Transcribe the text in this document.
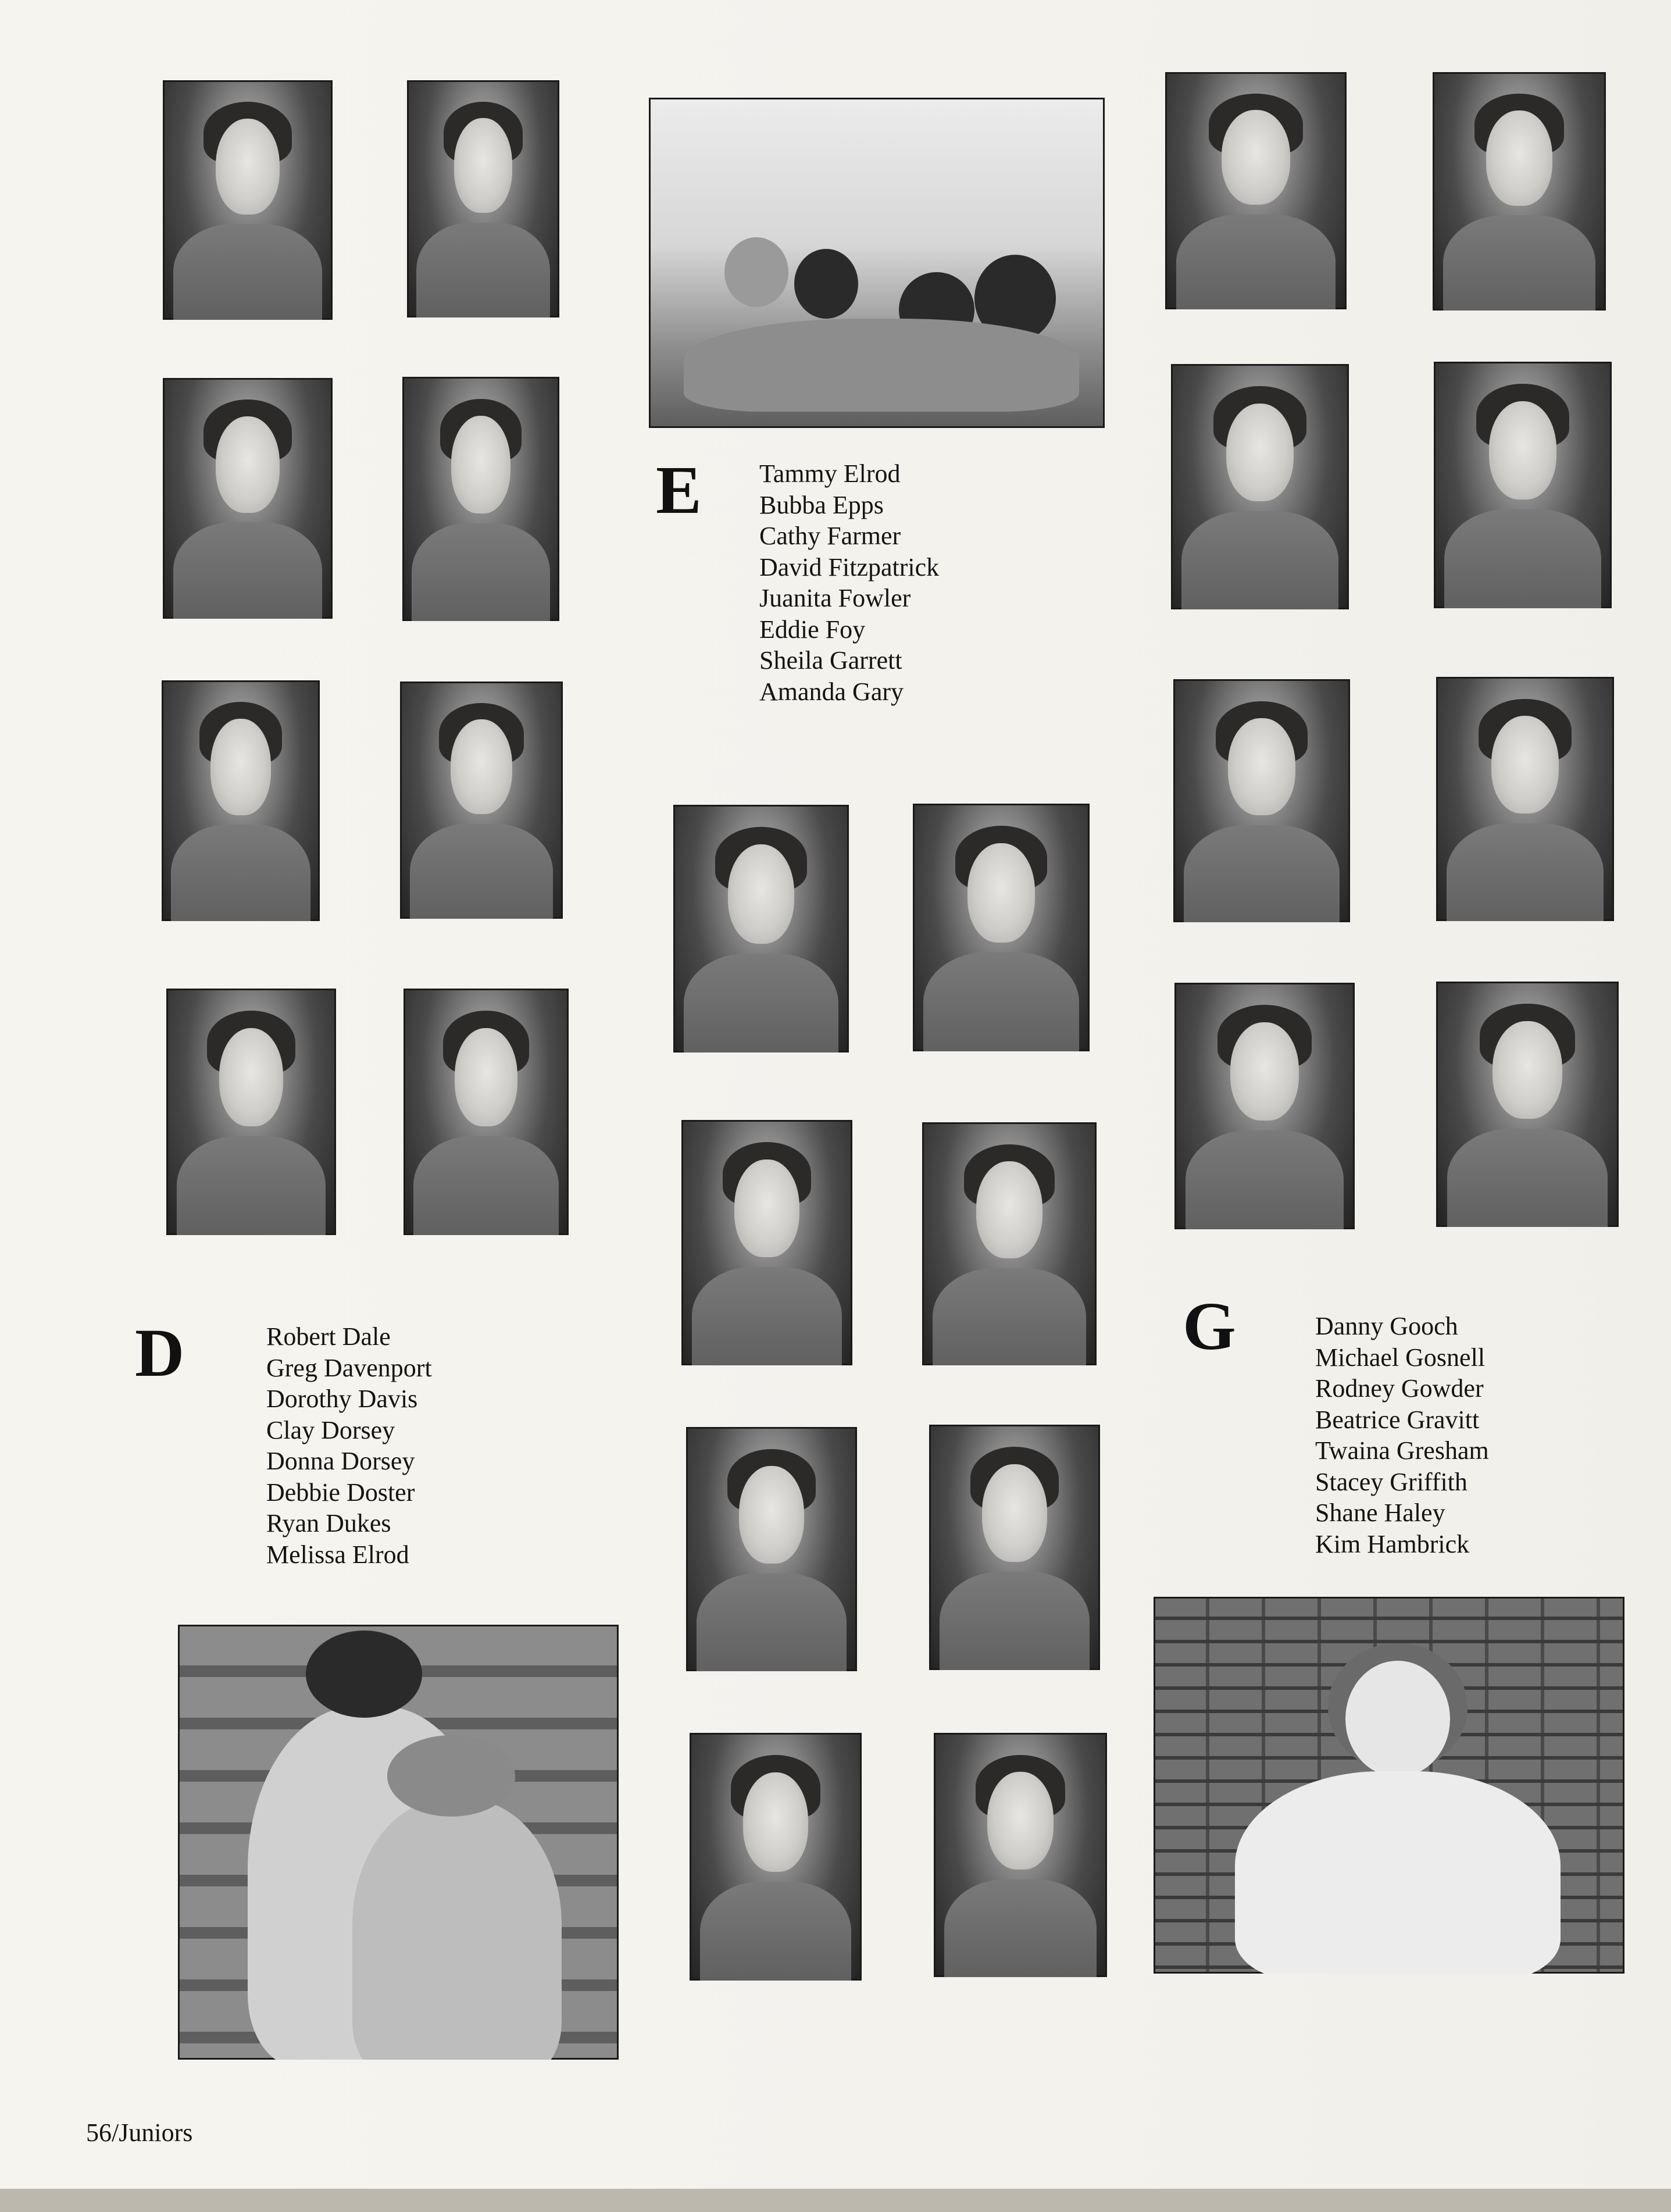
D	Robert Dale
Greg Davenport
Dorothy Davis
Clay Dorsey
Donna Dorsey
Debbie Doster
Ryan Dukes
Melissa Elrod
E Tammy Elrod
Bubba Epps
Cathy Farmer
David Fitzpatrick
Juanita Fowler
Eddie Foy
Sheila Garrett
Amanda Gary
G	Danny Gooch
Michael Gosnell
Rodney Gowder
Beatrice Gravitt
Twaina Gresham
Stacey Griffith
Shane Haley
Kim Hambrick
56/Juniors
